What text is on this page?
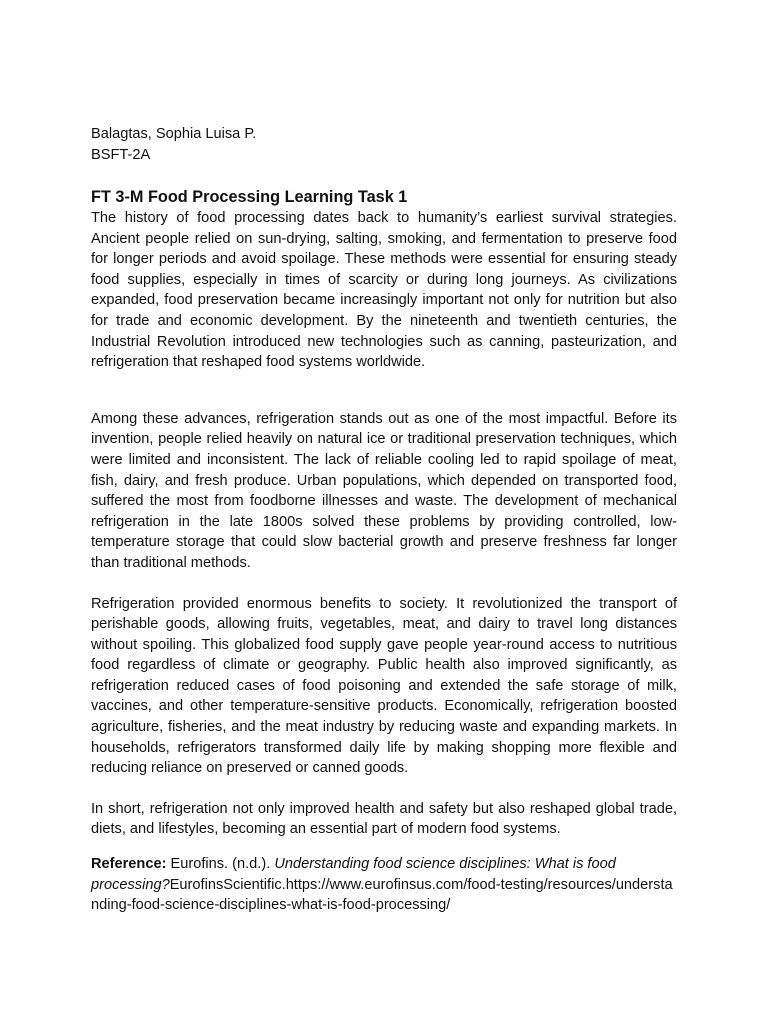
Balagtas, Sophia Luisa P.

BSFT-2A

FT 3-M Food Processing Learning Task 1

The history of food processing dates back to humanity’s earliest survival strategies. Ancient people relied on sun-drying, salting, smoking, and fermentation to preserve food for longer periods and avoid spoilage. These methods were essential for ensuring steady food supplies, especially in times of scarcity or during long journeys. As civilizations expanded, food preservation became increasingly important not only for nutrition but also for trade and economic development. By the nineteenth and twentieth centuries, the Industrial Revolution introduced new technologies such as canning, pasteurization, and refrigeration that reshaped food systems worldwide.

Among these advances, refrigeration stands out as one of the most impactful. Before its invention, people relied heavily on natural ice or traditional preservation techniques, which were limited and inconsistent. The lack of reliable cooling led to rapid spoilage of meat, fish, dairy, and fresh produce. Urban populations, which depended on transported food, suffered the most from foodborne illnesses and waste. The development of mechanical refrigeration in the late 1800s solved these problems by providing controlled, low-temperature storage that could slow bacterial growth and preserve freshness far longer than traditional methods.

Refrigeration provided enormous benefits to society. It revolutionized the transport of perishable goods, allowing fruits, vegetables, meat, and dairy to travel long distances without spoiling. This globalized food supply gave people year-round access to nutritious food regardless of climate or geography. Public health also improved significantly, as refrigeration reduced cases of food poisoning and extended the safe storage of milk, vaccines, and other temperature-sensitive products. Economically, refrigeration boosted agriculture, fisheries, and the meat industry by reducing waste and expanding markets. In households, refrigerators transformed daily life by making shopping more flexible and reducing reliance on preserved or canned goods.

In short, refrigeration not only improved health and safety but also reshaped global trade, diets, and lifestyles, becoming an essential part of modern food systems.

Reference: Eurofins. (n.d.). Understanding food science disciplines: What is food processing?EurofinsScientific.https://www.eurofinsus.com/food-testing/resources/understanding-food-science-disciplines-what-is-food-processing/
